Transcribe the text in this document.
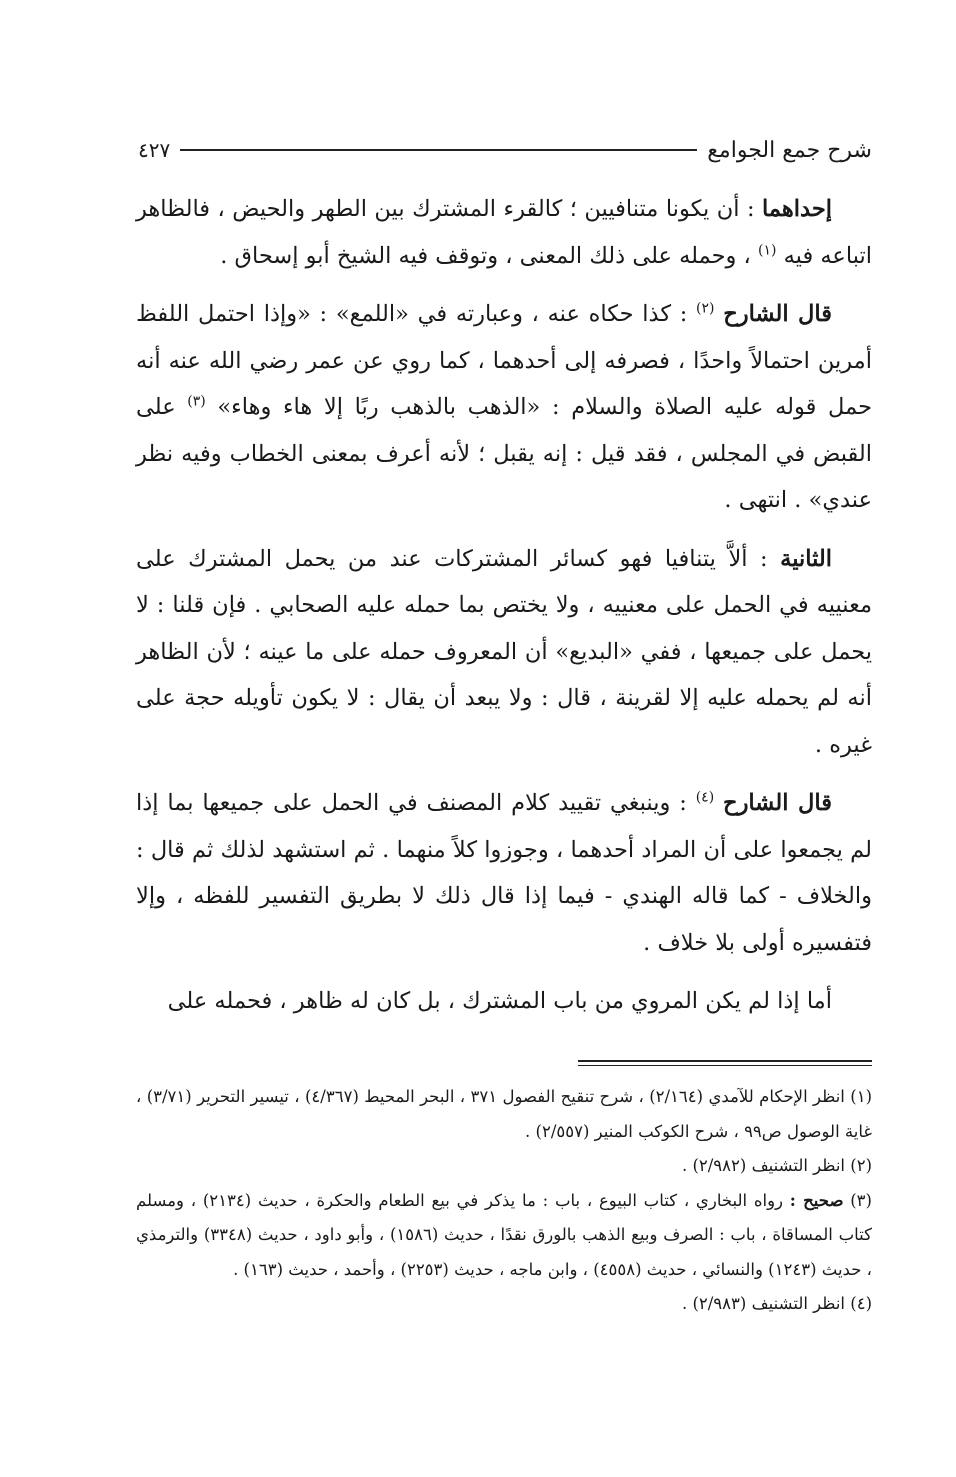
شرح جمع الجوامع
٤٢٧

إحداهما : أن يكونا متنافيين ؛ كالقرء المشترك بين الطهر والحيض ، فالظاهر اتباعه فيه $^{(١)}$ ، وحمله على ذلك المعنى ، وتوقف فيه الشيخ أبو إسحاق .

قال الشارح $^{(٢)}$ : كذا حكاه عنه ، وعبارته في «اللمع» : «وإذا احتمل اللفظ أمرين احتمالاً واحدًا ، فصرفه إلى أحدهما ، كما روي عن عمر رضي الله عنه أنه حمل قوله عليه الصلاة والسلام : «الذهب بالذهب ربًا إلا هاء وهاء» $^{(٣)}$ على القبض في المجلس ، فقد قيل : إنه يقبل ؛ لأنه أعرف بمعنى الخطاب وفيه نظر عندي» . انتهى .

الثانية : ألاَّ يتنافيا فهو كسائر المشتركات عند من يحمل المشترك على معنييه في الحمل على معنييه ، ولا يختص بما حمله عليه الصحابي . فإن قلنا : لا يحمل على جميعها ، ففي «البديع» أن المعروف حمله على ما عينه ؛ لأن الظاهر أنه لم يحمله عليه إلا لقرينة ، قال : ولا يبعد أن يقال : لا يكون تأويله حجة على غيره .

قال الشارح $^{(٤)}$ : وينبغي تقييد كلام المصنف في الحمل على جميعها بما إذا لم يجمعوا على أن المراد أحدهما ، وجوزوا كلاً منهما . ثم استشهد لذلك ثم قال : والخلاف - كما قاله الهندي - فيما إذا قال ذلك لا بطريق التفسير للفظه ، وإلا فتفسيره أولى بلا خلاف .

أما إذا لم يكن المروي من باب المشترك ، بل كان له ظاهر ، فحمله على

(١) انظر الإحكام للآمدي (٢/١٦٤) ، شرح تنقيح الفصول ٣٧١ ، البحر المحيط (٤/٣٦٧) ، تيسير التحرير (٣/٧١) ، غاية الوصول ص٩٩ ، شرح الكوكب المنير (٢/٥٥٧) .

(٢) انظر التشنيف (٢/٩٨٢) .

(٣) صحيح : رواه البخاري ، كتاب البيوع ، باب : ما يذكر في بيع الطعام والحكرة ، حديث (٢١٣٤) ، ومسلم كتاب المساقاة ، باب : الصرف وبيع الذهب بالورق نقدًا ، حديث (١٥٨٦) ، وأبو داود ، حديث (٣٣٤٨) والترمذي ، حديث (١٢٤٣) والنسائي ، حديث (٤٥٥٨) ، وابن ماجه ، حديث (٢٢٥٣) ، وأحمد ، حديث (١٦٣) .

(٤) انظر التشنيف (٢/٩٨٣) .
